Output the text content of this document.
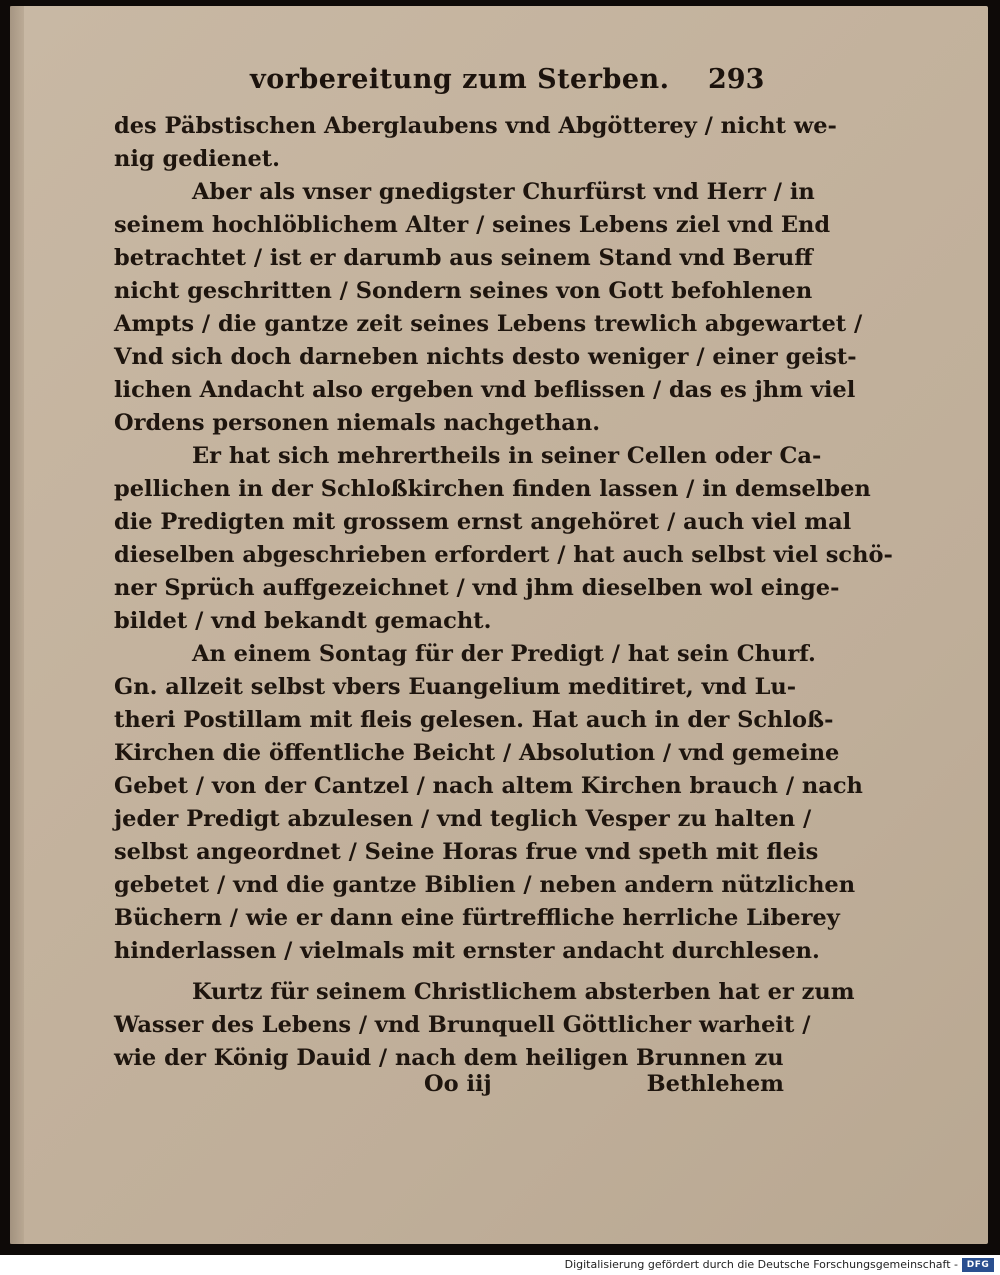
vorbereitung zum Sterben. 293
des Päbstischen Aberglaubens vnd Abgötterey / nicht we-
nig gedienet.
Aber als vnser gnedigster Churfürst vnd Herr / in
seinem hochlöblichem Alter / seines Lebens ziel vnd End
betrachtet / ist er darumb aus seinem Stand vnd Beruff
nicht geschritten / Sondern seines von Gott befohlenen
Ampts / die gantze zeit seines Lebens trewlich abgewartet /
Vnd sich doch darneben nichts desto weniger / einer geist-
lichen Andacht also ergeben vnd beflissen / das es jhm viel
Ordens personen niemals nachgethan.
Er hat sich mehrertheils in seiner Cellen oder Ca-
pellichen in der Schloßkirchen finden lassen / in demselben
die Predigten mit grossem ernst angehöret / auch viel mal
dieselben abgeschrieben erfordert / hat auch selbst viel schö-
ner Sprüch auffgezeichnet / vnd jhm dieselben wol einge-
bildet / vnd bekandt gemacht.
An einem Sontag für der Predigt / hat sein Churf.
Gn. allzeit selbst vbers Euangelium meditiret, vnd Lu-
theri Postillam mit fleis gelesen. Hat auch in der Schloß-
Kirchen die öffentliche Beicht / Absolution / vnd gemeine
Gebet / von der Cantzel / nach altem Kirchen brauch / nach
jeder Predigt abzulesen / vnd teglich Vesper zu halten /
selbst angeordnet / Seine Horas frue vnd speth mit fleis
gebetet / vnd die gantze Biblien / neben andern nützlichen
Büchern / wie er dann eine fürtreffliche herrliche Liberey
hinderlassen / vielmals mit ernster andacht durchlesen.
Kurtz für seinem Christlichem absterben hat er zum
Wasser des Lebens / vnd Brunquell Göttlicher warheit /
wie der König Dauid / nach dem heiligen Brunnen zu
Oo iij	Bethlehem
Digitalisierung gefördert durch die Deutsche Forschungsgemeinschaft - DFG
